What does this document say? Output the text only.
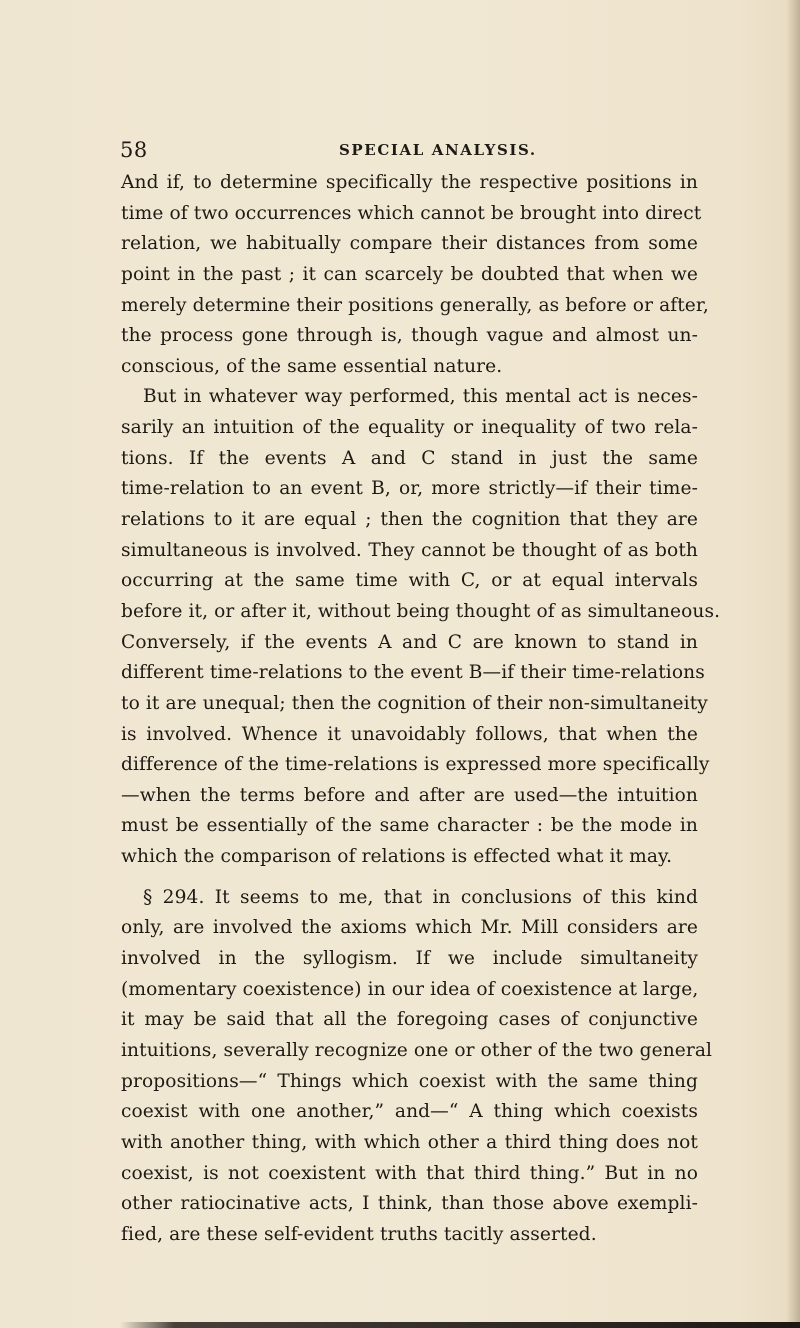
58	SPECIAL ANALYSIS.
And if, to determine specifically the respective positions in
time of two occurrences which cannot be brought into direct
relation, we habitually compare their distances from some
point in the past ; it can scarcely be doubted that when we
merely determine their positions generally, as before or after,
the process gone through is, though vague and almost un-
conscious, of the same essential nature.
But in whatever way performed, this mental act is neces-
sarily an intuition of the equality or inequality of two rela-
tions. If the events A and C stand in just the same
time-relation to an event B, or, more strictly—if their time-
relations to it are equal ; then the cognition that they are
simultaneous is involved. They cannot be thought of as both
occurring at the same time with C, or at equal intervals
before it, or after it, without being thought of as simultaneous.
Conversely, if the events A and C are known to stand in
different time-relations to the event B—if their time-relations
to it are unequal; then the cognition of their non-simultaneity
is involved. Whence it unavoidably follows, that when the
difference of the time-relations is expressed more specifically
—when the terms before and after are used—the intuition
must be essentially of the same character : be the mode in
which the comparison of relations is effected what it may.
§ 294. It seems to me, that in conclusions of this kind
only, are involved the axioms which Mr. Mill considers are
involved in the syllogism. If we include simultaneity
(momentary coexistence) in our idea of coexistence at large,
it may be said that all the foregoing cases of conjunctive
intuitions, severally recognize one or other of the two general
propositions—“ Things which coexist with the same thing
coexist with one another,” and—“ A thing which coexists
with another thing, with which other a third thing does not
coexist, is not coexistent with that third thing.” But in no
other ratiocinative acts, I think, than those above exempli-
fied, are these self-evident truths tacitly asserted.
